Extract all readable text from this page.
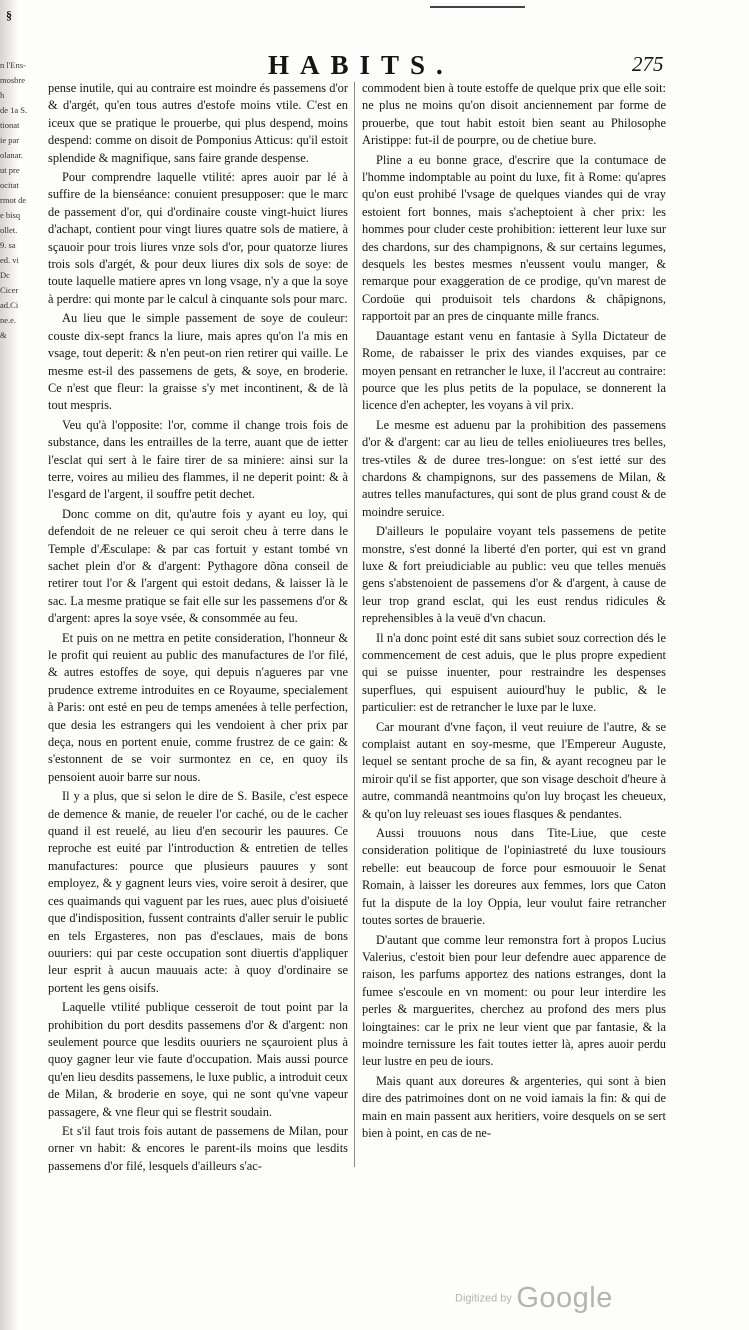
§
n l'Ens-
mosbre
h
de 1a S.
tionat
ie par
olanar.
ut pre
ocitat
rmot de
e bisq
ollet.
9. sa
ed. vi
Dc
Cicer
ad.Ci
ne.e.
&
HABITS.	275

pense inutile, qui au contraire est moindre és passemens d'or & d'argét, qu'en tous autres d'estofe moins vtile. C'est en iceux que se pratique le prouerbe, qui plus despend, moins despend: comme on disoit de Pomponius Atticus: qu'il estoit splendide & magnifique, sans faire grande despense.

Pour comprendre laquelle vtilité: apres auoir par lé à suffire de la bienséance: conuient presupposer: que le marc de passement d'or, qui d'ordinaire couste vingt-huict liures d'achapt, contient pour vingt liures quatre sols de matiere, à sçauoir pour trois liures vnze sols d'or, pour quatorze liures trois sols d'argét, & pour deux liures dix sols de soye: de toute laquelle matiere apres vn long vsage, n'y a que la soye à perdre: qui monte par le calcul à cinquante sols pour marc.

Au lieu que le simple passement de soye de couleur: couste dix-sept francs la liure, mais apres qu'on l'a mis en vsage, tout deperit: & n'en peut-on rien retirer qui vaille. Le mesme est-il des passemens de gets, & soye, en broderie. Ce n'est que fleur: la graisse s'y met incontinent, & de là tout mespris.

Veu qu'à l'opposite: l'or, comme il change trois fois de substance, dans les entrailles de la terre, auant que de ietter l'esclat qui sert à le faire tirer de sa miniere: ainsi sur la terre, voires au milieu des flammes, il ne deperit point: & à l'esgard de l'argent, il souffre petit dechet.

Donc comme on dit, qu'autre fois y ayant eu loy, qui defendoit de ne releuer ce qui seroit cheu à terre dans le Temple d'Æsculape: & par cas fortuit y estant tombé vn sachet plein d'or & d'argent: Pythagore dõna conseil de retirer tout l'or & l'argent qui estoit dedans, & laisser là le sac. La mesme pratique se fait elle sur les passemens d'or & d'argent: apres la soye vsée, & consommée au feu.

Et puis on ne mettra en petite consideration, l'honneur & le profit qui reuient au public des manufactures de l'or filé, & autres estoffes de soye, qui depuis n'agueres par vne prudence extreme introduites en ce Royaume, specialement à Paris: ont esté en peu de temps amenées à telle perfection, que desia les estrangers qui les vendoient à cher prix par deça, nous en portent enuie, comme frustrez de ce gain: & s'estonnent de se voir surmontez en ce, en quoy ils pensoient auoir barre sur nous.

Il y a plus, que si selon le dire de S. Basile, c'est espece de demence & manie, de reueler l'or caché, ou de le cacher quand il est reuelé, au lieu d'en secourir les pauures. Ce reproche est euité par l'introduction & entretien de telles manufactures: pource que plusieurs pauures y sont employez, & y gagnent leurs vies, voire seroit à desirer, que ces quaimands qui vaguent par les rues, auec plus d'oisiueté que d'indisposition, fussent contraints d'aller seruir le public en tels Ergasteres, non pas d'esclaues, mais de bons ouuriers: qui par ceste occupation sont diuertis d'appliquer leur esprit à aucun mauuais acte: à quoy d'ordinaire se portent les gens oisifs.

Laquelle vtilité publique cesseroit de tout point par la prohibition du port desdits passemens d'or & d'argent: non seulement pource que lesdits ouuriers ne sçauroient plus à quoy gagner leur vie faute d'occupation. Mais aussi pource qu'en lieu desdits passemens, le luxe public, a introduit ceux de Milan, & broderie en soye, qui ne sont qu'vne vapeur passagere, & vne fleur qui se flestrit soudain.

Et s'il faut trois fois autant de passemens de Milan, pour orner vn habit: & encores le parent-ils moins que lesdits passemens d'or filé, lesquels d'ailleurs s'ac-

commodent bien à toute estoffe de quelque prix que elle soit: ne plus ne moins qu'on disoit anciennement par forme de prouerbe, que tout habit estoit bien seant au Philosophe Aristippe: fut-il de pourpre, ou de chetiue bure.

Pline a eu bonne grace, d'escrire que la contumace de l'homme indomptable au point du luxe, fit à Rome: qu'apres qu'on eust prohibé l'vsage de quelques viandes qui de vray estoient fort bonnes, mais s'acheptoient à cher prix: les hommes pour cluder ceste prohibition: ietterent leur luxe sur des chardons, sur des champignons, & sur certains legumes, desquels les bestes mesmes n'eussent voulu manger, & remarque pour exaggeration de ce prodige, qu'vn marest de Cordoüe qui produisoit tels chardons & châpignons, rapportoit par an pres de cinquante mille francs.

Dauantage estant venu en fantasie à Sylla Dictateur de Rome, de rabaisser le prix des viandes exquises, par ce moyen pensant en retrancher le luxe, il l'accreut au contraire: pource que les plus petits de la populace, se donnerent la licence d'en achepter, les voyans à vil prix.

Le mesme est aduenu par la prohibition des passemens d'or & d'argent: car au lieu de telles enioliueures tres belles, tres-vtiles & de duree tres-longue: on s'est ietté sur des chardons & champignons, sur des passemens de Milan, & autres telles manufactures, qui sont de plus grand coust & de moindre seruice.

D'ailleurs le populaire voyant tels passemens de petite monstre, s'est donné la liberté d'en porter, qui est vn grand luxe & fort preiudiciable au public: veu que telles menuës gens s'abstenoient de passemens d'or & d'argent, à cause de leur trop grand esclat, qui les eust rendus ridicules & reprehensibles à la veuë d'vn chacun.

Il n'a donc point esté dit sans subiet souz correction dés le commencement de cest aduis, que le plus propre expedient qui se puisse inuenter, pour restraindre les despenses superflues, qui espuisent auiourd'huy le public, & le particulier: est de retrancher le luxe par le luxe.

Car mourant d'vne façon, il veut reuiure de l'autre, & se complaist autant en soy-mesme, que l'Empereur Auguste, lequel se sentant proche de sa fin, & ayant recogneu par le miroir qu'il se fist apporter, que son visage deschoit d'heure à autre, commandâ neantmoins qu'on luy broçast les cheueux, & qu'on luy releuast ses ioues flasques & pendantes.

Aussi trouuons nous dans Tite-Liue, que ceste consideration politique de l'opiniastreté du luxe tousiours rebelle: eut beaucoup de force pour esmouuoir le Senat Romain, à laisser les doreures aux femmes, lors que Caton fut la dispute de la loy Oppia, leur voulut faire retrancher toutes sortes de brauerie.

D'autant que comme leur remonstra fort à propos Lucius Valerius, c'estoit bien pour leur defendre auec apparence de raison, les parfums apportez des nations estranges, dont la fumee s'escoule en vn moment: ou pour leur interdire les perles & marguerites, cherchez au profond des mers plus loingtaines: car le prix ne leur vient que par fantasie, & la moindre ternissure les fait toutes ietter là, apres auoir perdu leur lustre en peu de iours.

Mais quant aux doreures & argenteries, qui sont à bien dire des patrimoines dont on ne void iamais la fin: & qui de main en main passent aux heritiers, voire desquels on se sert bien à point, en cas de ne-

Digitized by Google
